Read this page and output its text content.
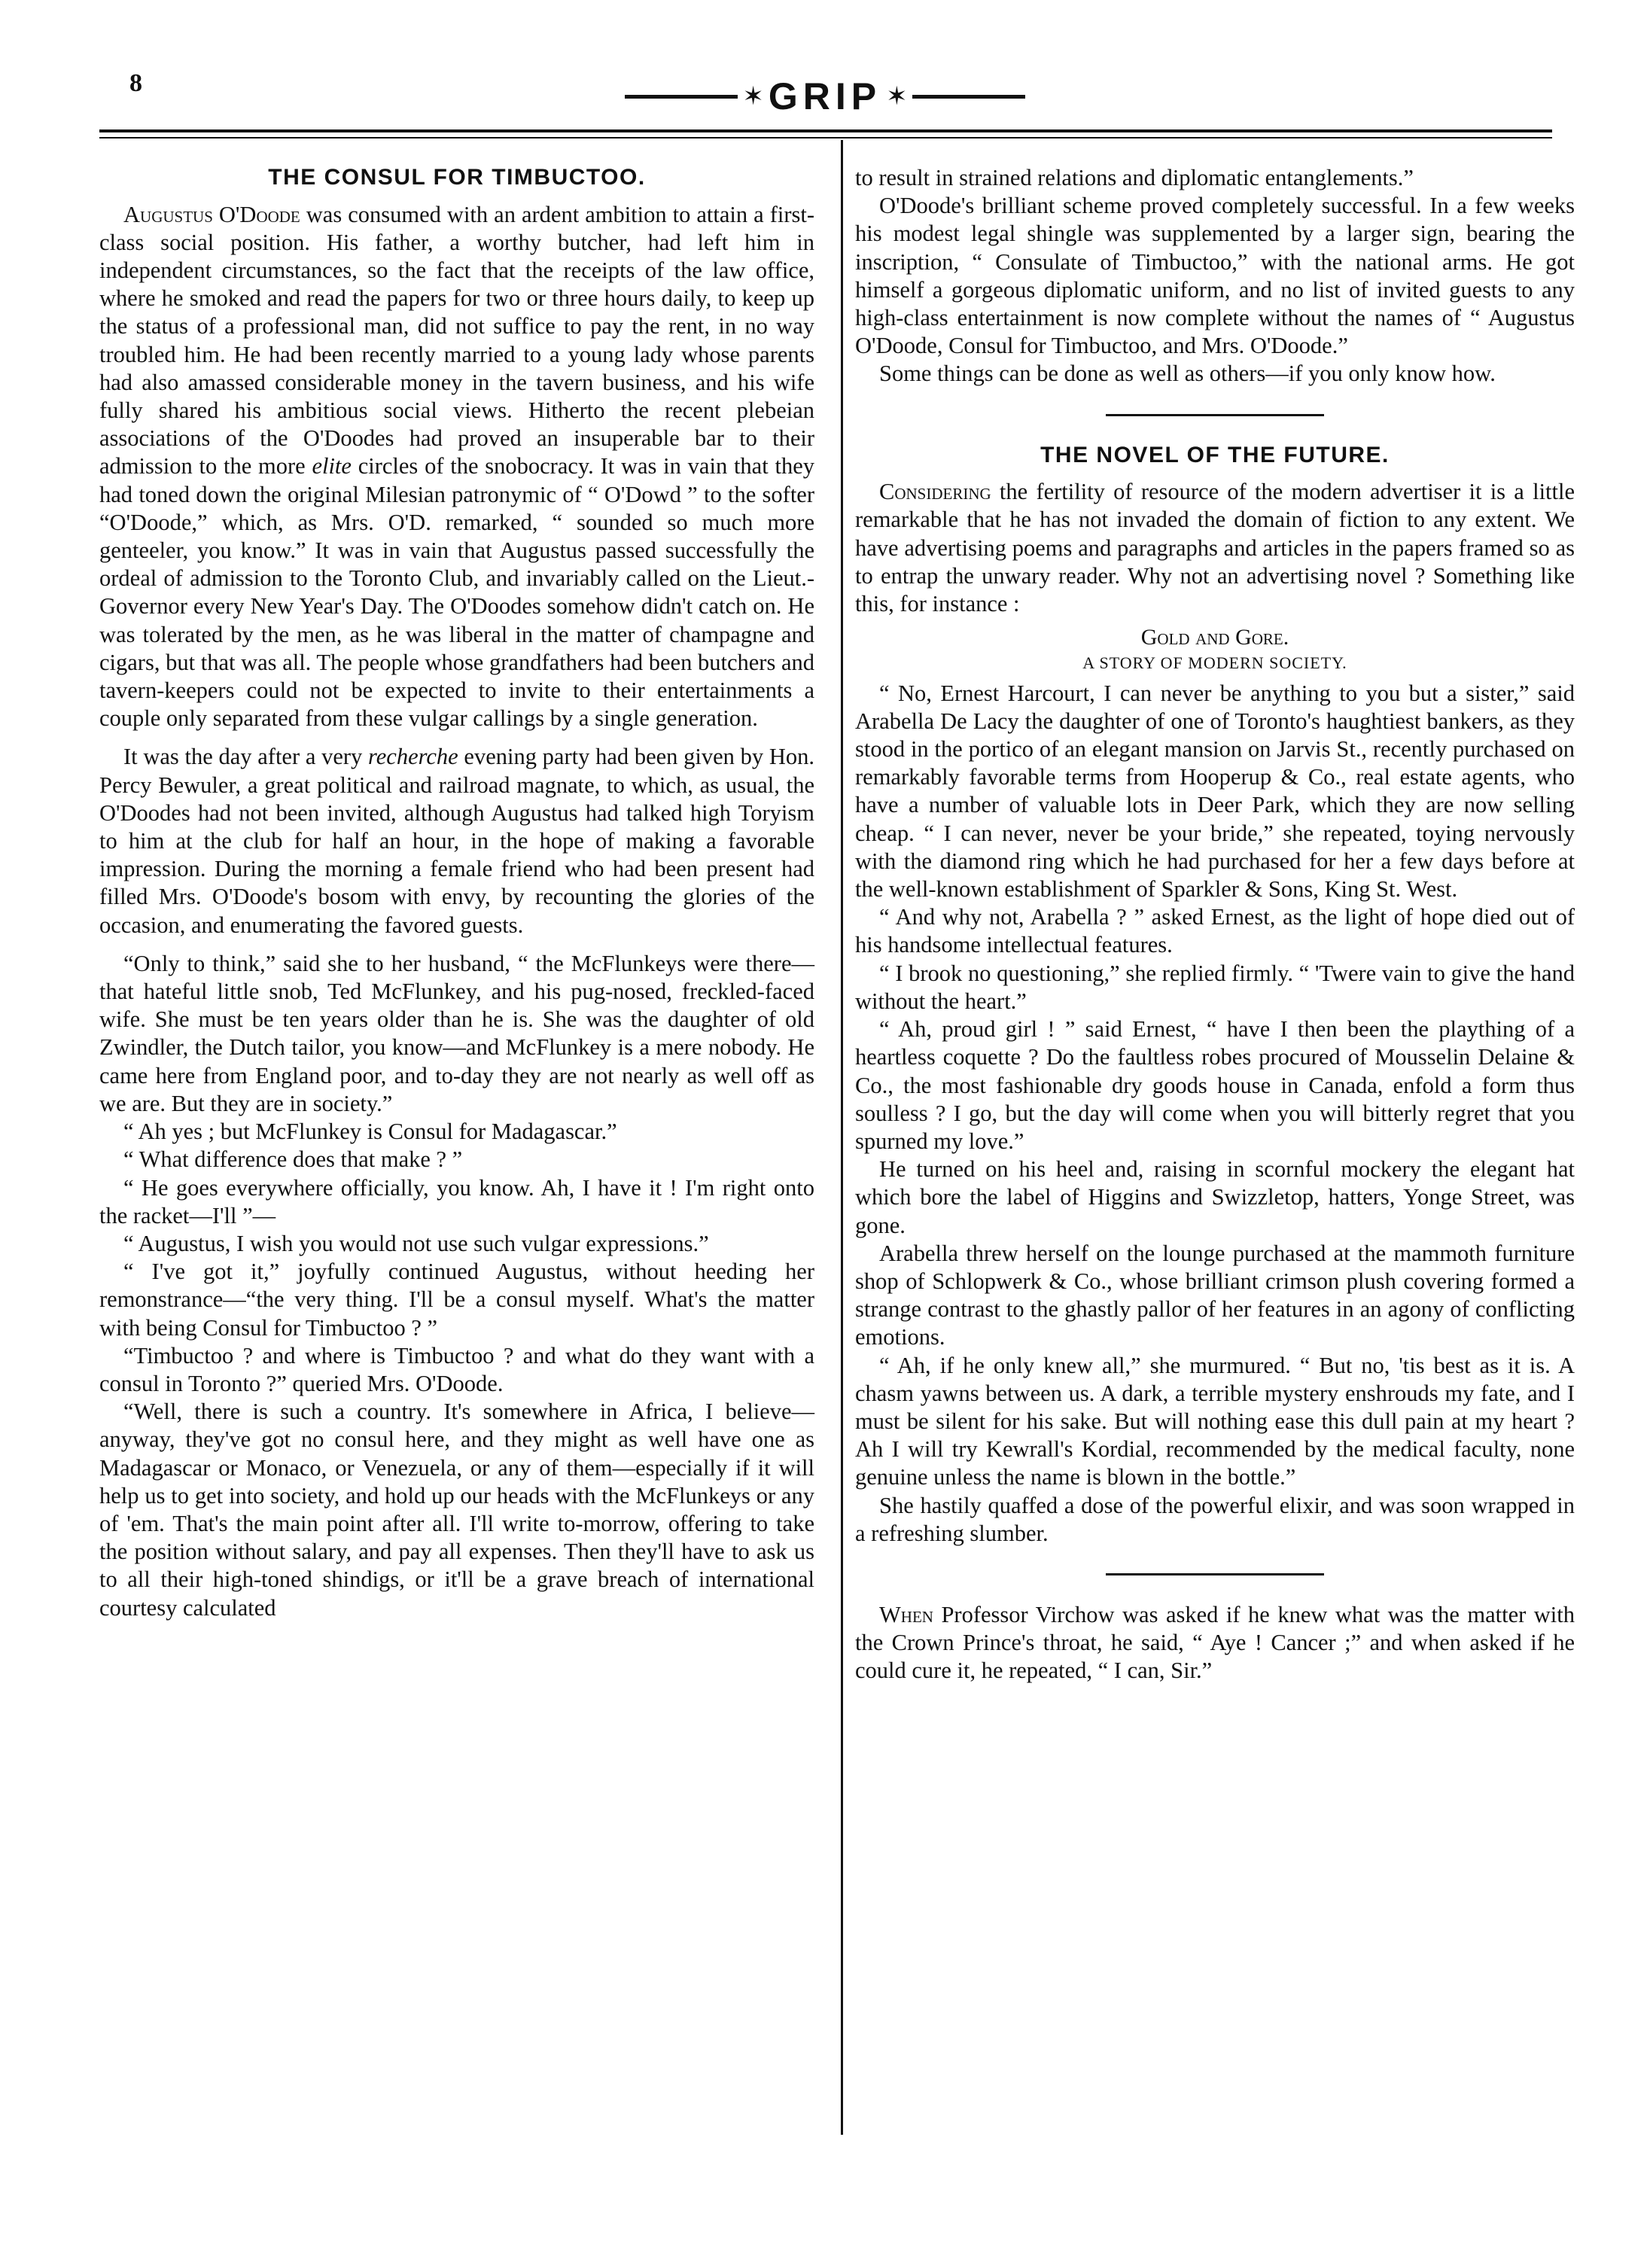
8	✶ GRIP ✶
THE CONSUL FOR TIMBUCTOO.

Augustus O'Doode was consumed with an ardent ambition to attain a first-class social position. His father, a worthy butcher, had left him in independent circumstances, so the fact that the receipts of the law office, where he smoked and read the papers for two or three hours daily, to keep up the status of a professional man, did not suffice to pay the rent, in no way troubled him. He had been recently married to a young lady whose parents had also amassed considerable money in the tavern business, and his wife fully shared his ambitious social views. Hitherto the recent plebeian associations of the O'Doodes had proved an insuperable bar to their admission to the more elite circles of the snobocracy. It was in vain that they had toned down the original Milesian patronymic of “ O'Dowd ” to the softer “O'Doode,” which, as Mrs. O'D. remarked, “ sounded so much more genteeler, you know.” It was in vain that Augustus passed successfully the ordeal of admission to the Toronto Club, and invariably called on the Lieut.-Governor every New Year's Day. The O'Doodes somehow didn't catch on. He was tolerated by the men, as he was liberal in the matter of champagne and cigars, but that was all. The people whose grandfathers had been butchers and tavern-keepers could not be expected to invite to their entertainments a couple only separated from these vulgar callings by a single generation.

It was the day after a very recherche evening party had been given by Hon. Percy Bewuler, a great political and railroad magnate, to which, as usual, the O'Doodes had not been invited, although Augustus had talked high Toryism to him at the club for half an hour, in the hope of making a favorable impression. During the morning a female friend who had been present had filled Mrs. O'Doode's bosom with envy, by recounting the glories of the occasion, and enumerating the favored guests.

“Only to think,” said she to her husband, “ the McFlunkeys were there—that hateful little snob, Ted McFlunkey, and his pug-nosed, freckled-faced wife. She must be ten years older than he is. She was the daughter of old Zwindler, the Dutch tailor, you know—and McFlunkey is a mere nobody. He came here from England poor, and to-day they are not nearly as well off as we are. But they are in society.”

“ Ah yes ; but McFlunkey is Consul for Madagascar.”

“ What difference does that make ? ”

“ He goes everywhere officially, you know. Ah, I have it ! I'm right onto the racket—I'll ”—

“ Augustus, I wish you would not use such vulgar expressions.”

“ I've got it,” joyfully continued Augustus, without heeding her remonstrance—“the very thing. I'll be a consul myself. What's the matter with being Consul for Timbuctoo ? ”

“Timbuctoo ? and where is Timbuctoo ? and what do they want with a consul in Toronto ?” queried Mrs. O'Doode.

“Well, there is such a country. It's somewhere in Africa, I believe—anyway, they've got no consul here, and they might as well have one as Madagascar or Monaco, or Venezuela, or any of them—especially if it will help us to get into society, and hold up our heads with the McFlunkeys or any of 'em. That's the main point after all. I'll write to-morrow, offering to take the position without salary, and pay all expenses. Then they'll have to ask us to all their high-toned shindigs, or it'll be a grave breach of international courtesy calculated

to result in strained relations and diplomatic entanglements.”

O'Doode's brilliant scheme proved completely successful. In a few weeks his modest legal shingle was supplemented by a larger sign, bearing the inscription, “ Consulate of Timbuctoo,” with the national arms. He got himself a gorgeous diplomatic uniform, and no list of invited guests to any high-class entertainment is now complete without the names of “ Augustus O'Doode, Consul for Timbuctoo, and Mrs. O'Doode.”

Some things can be done as well as others—if you only know how.

THE NOVEL OF THE FUTURE.

Considering the fertility of resource of the modern advertiser it is a little remarkable that he has not invaded the domain of fiction to any extent. We have advertising poems and paragraphs and articles in the papers framed so as to entrap the unwary reader. Why not an advertising novel ? Something like this, for instance :

Gold and Gore.
A STORY OF MODERN SOCIETY.

“ No, Ernest Harcourt, I can never be anything to you but a sister,” said Arabella De Lacy the daughter of one of Toronto's haughtiest bankers, as they stood in the portico of an elegant mansion on Jarvis St., recently purchased on remarkably favorable terms from Hooperup & Co., real estate agents, who have a number of valuable lots in Deer Park, which they are now selling cheap. “ I can never, never be your bride,” she repeated, toying nervously with the diamond ring which he had purchased for her a few days before at the well-known establishment of Sparkler & Sons, King St. West.

“ And why not, Arabella ? ” asked Ernest, as the light of hope died out of his handsome intellectual features.

“ I brook no questioning,” she replied firmly. “ 'Twere vain to give the hand without the heart.”

“ Ah, proud girl ! ” said Ernest, “ have I then been the plaything of a heartless coquette ? Do the faultless robes procured of Mousselin Delaine & Co., the most fashionable dry goods house in Canada, enfold a form thus soulless ? I go, but the day will come when you will bitterly regret that you spurned my love.”

He turned on his heel and, raising in scornful mockery the elegant hat which bore the label of Higgins and Swizzletop, hatters, Yonge Street, was gone.

Arabella threw herself on the lounge purchased at the mammoth furniture shop of Schlopwerk & Co., whose brilliant crimson plush covering formed a strange contrast to the ghastly pallor of her features in an agony of conflicting emotions.

“ Ah, if he only knew all,” she murmured. “ But no, 'tis best as it is. A chasm yawns between us. A dark, a terrible mystery enshrouds my fate, and I must be silent for his sake. But will nothing ease this dull pain at my heart ? Ah I will try Kewrall's Kordial, recommended by the medical faculty, none genuine unless the name is blown in the bottle.”

She hastily quaffed a dose of the powerful elixir, and was soon wrapped in a refreshing slumber.

When Professor Virchow was asked if he knew what was the matter with the Crown Prince's throat, he said, “ Aye ! Cancer ;” and when asked if he could cure it, he repeated, “ I can, Sir.”
